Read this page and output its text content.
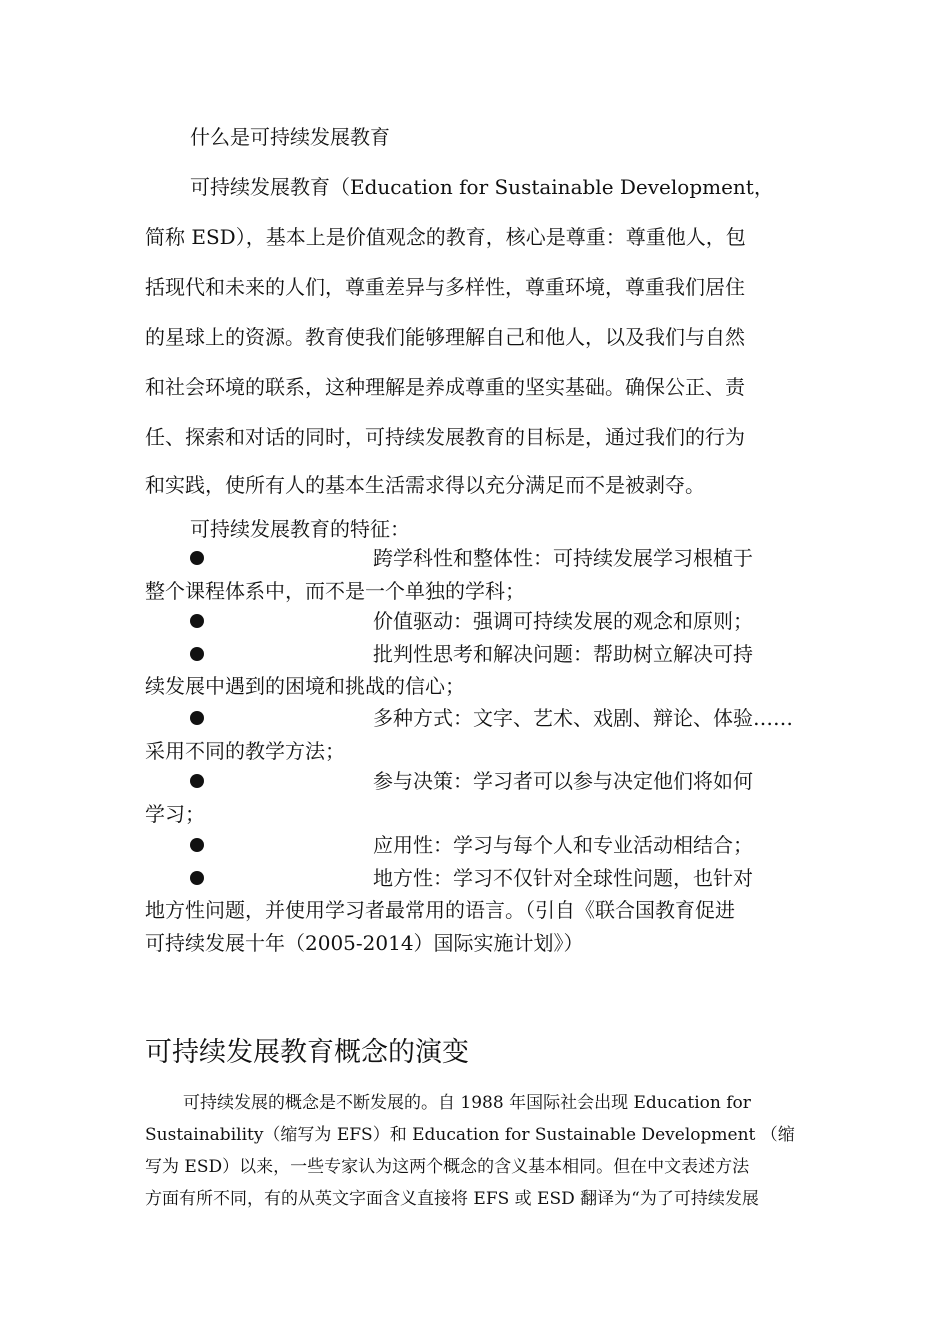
什么是可持续发展教育
可持续发展教育（Education for Sustainable Development，
简称 ESD），基本上是价值观念的教育，核心是尊重：尊重他人，包
括现代和未来的人们，尊重差异与多样性，尊重环境，尊重我们居住
的星球上的资源。教育使我们能够理解自己和他人，以及我们与自然
和社会环境的联系，这种理解是养成尊重的坚实基础。确保公正、责
任、探索和对话的同时，可持续发展教育的目标是，通过我们的行为
和实践，使所有人的基本生活需求得以充分满足而不是被剥夺。
可持续发展教育的特征：
跨学科性和整体性：可持续发展学习根植于
整个课程体系中，而不是一个单独的学科；
价值驱动：强调可持续发展的观念和原则；
批判性思考和解决问题：帮助树立解决可持
续发展中遇到的困境和挑战的信心；
多种方式：文字、艺术、戏剧、辩论、体验……
采用不同的教学方法；
参与决策：学习者可以参与决定他们将如何
学习；
应用性：学习与每个人和专业活动相结合；
地方性：学习不仅针对全球性问题，也针对
地方性问题，并使用学习者最常用的语言。（引自《联合国教育促进
可持续发展十年（2005-2014）国际实施计划》）
可持续发展教育概念的演变
可持续发展的概念是不断发展的。自 1988 年国际社会出现 Education for
Sustainability（缩写为 EFS）和 Education for Sustainable Development （缩
写为 ESD）以来，一些专家认为这两个概念的含义基本相同。但在中文表述方法
方面有所不同，有的从英文字面含义直接将 EFS 或 ESD 翻译为“为了可持续发展
